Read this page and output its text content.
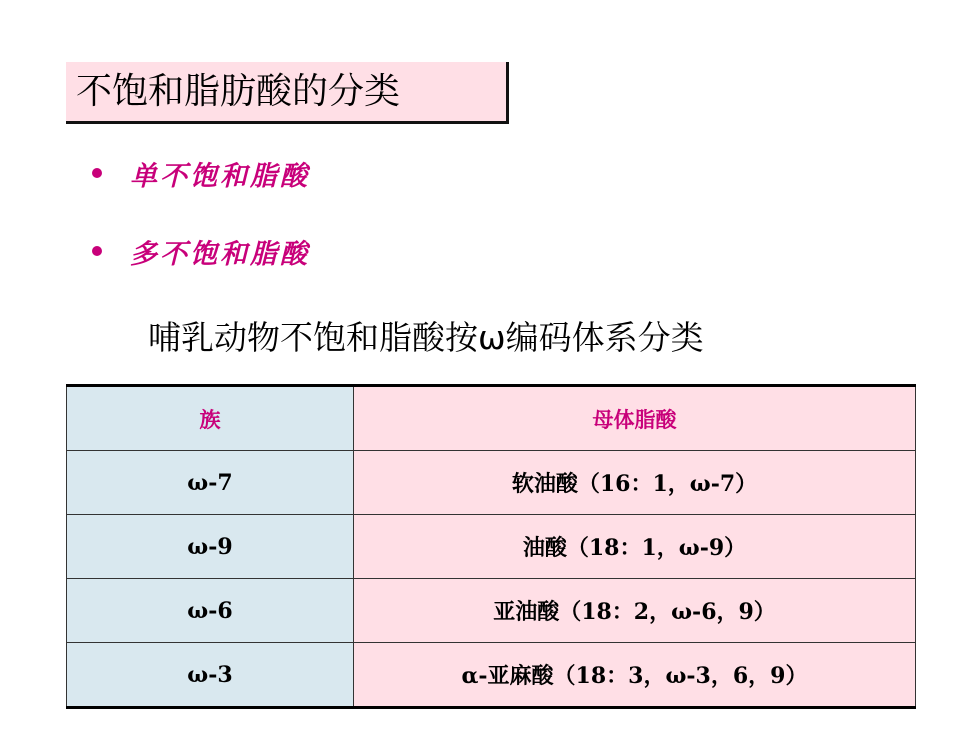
不饱和脂肪酸的分类
单不饱和脂酸
多不饱和脂酸
哺乳动物不饱和脂酸按ω编码体系分类
族	母体脂酸
ω-7	软油酸（16：1，ω-7）
ω-9	油酸（18：1，ω-9）
ω-6	亚油酸（18：2，ω-6，9）
ω-3	α-亚麻酸（18：3，ω-3，6，9）
